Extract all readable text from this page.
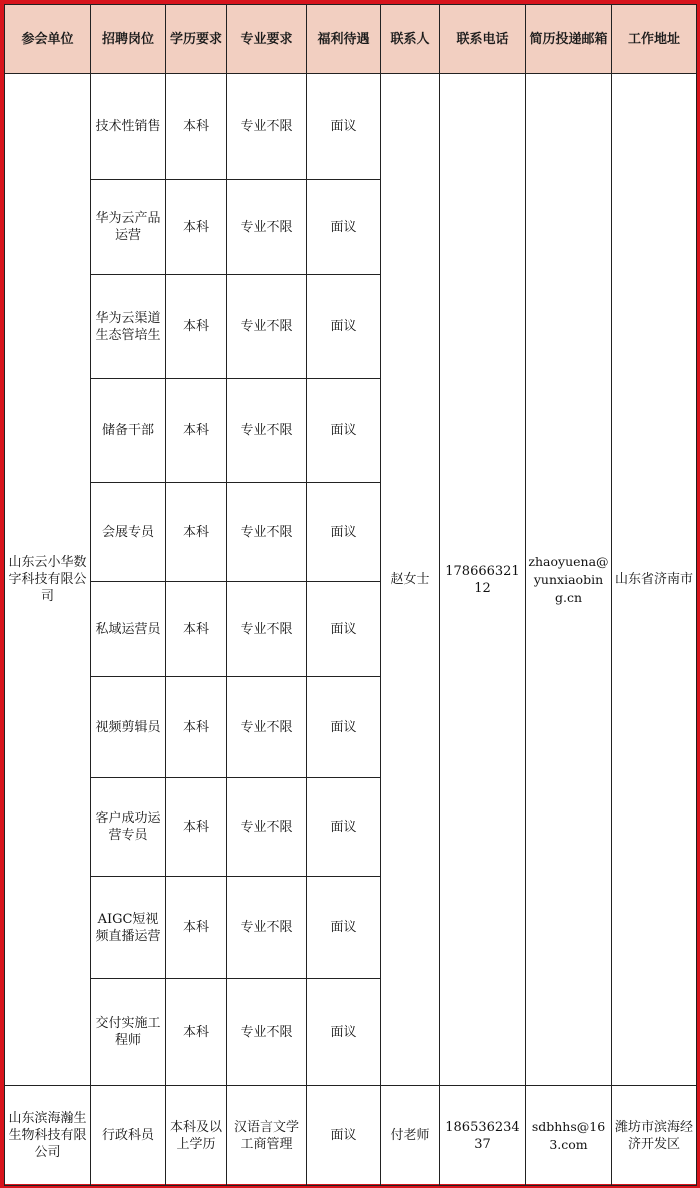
参会单位	招聘岗位	学历要求	专业要求	福利待遇	联系人	联系电话	简历投递邮箱	工作地址
山东云小华数字科技有限公司	技术性销售	本科	专业不限	面议	赵女士	17866632112	zhaoyuena@yunxiaobing.cn	山东省济南市
	华为云产品运营	本科	专业不限	面议				
	华为云渠道生态管培生	本科	专业不限	面议				
	储备干部	本科	专业不限	面议				
	会展专员	本科	专业不限	面议				
	私域运营员	本科	专业不限	面议				
	视频剪辑员	本科	专业不限	面议				
	客户成功运营专员	本科	专业不限	面议				
	AIGC短视频直播运营	本科	专业不限	面议				
	交付实施工程师	本科	专业不限	面议				
山东滨海瀚生生物科技有限公司	行政科员	本科及以上学历	汉语言文学工商管理	面议	付老师	18653623437	sdbhhs@163.com	潍坊市滨海经济开发区
